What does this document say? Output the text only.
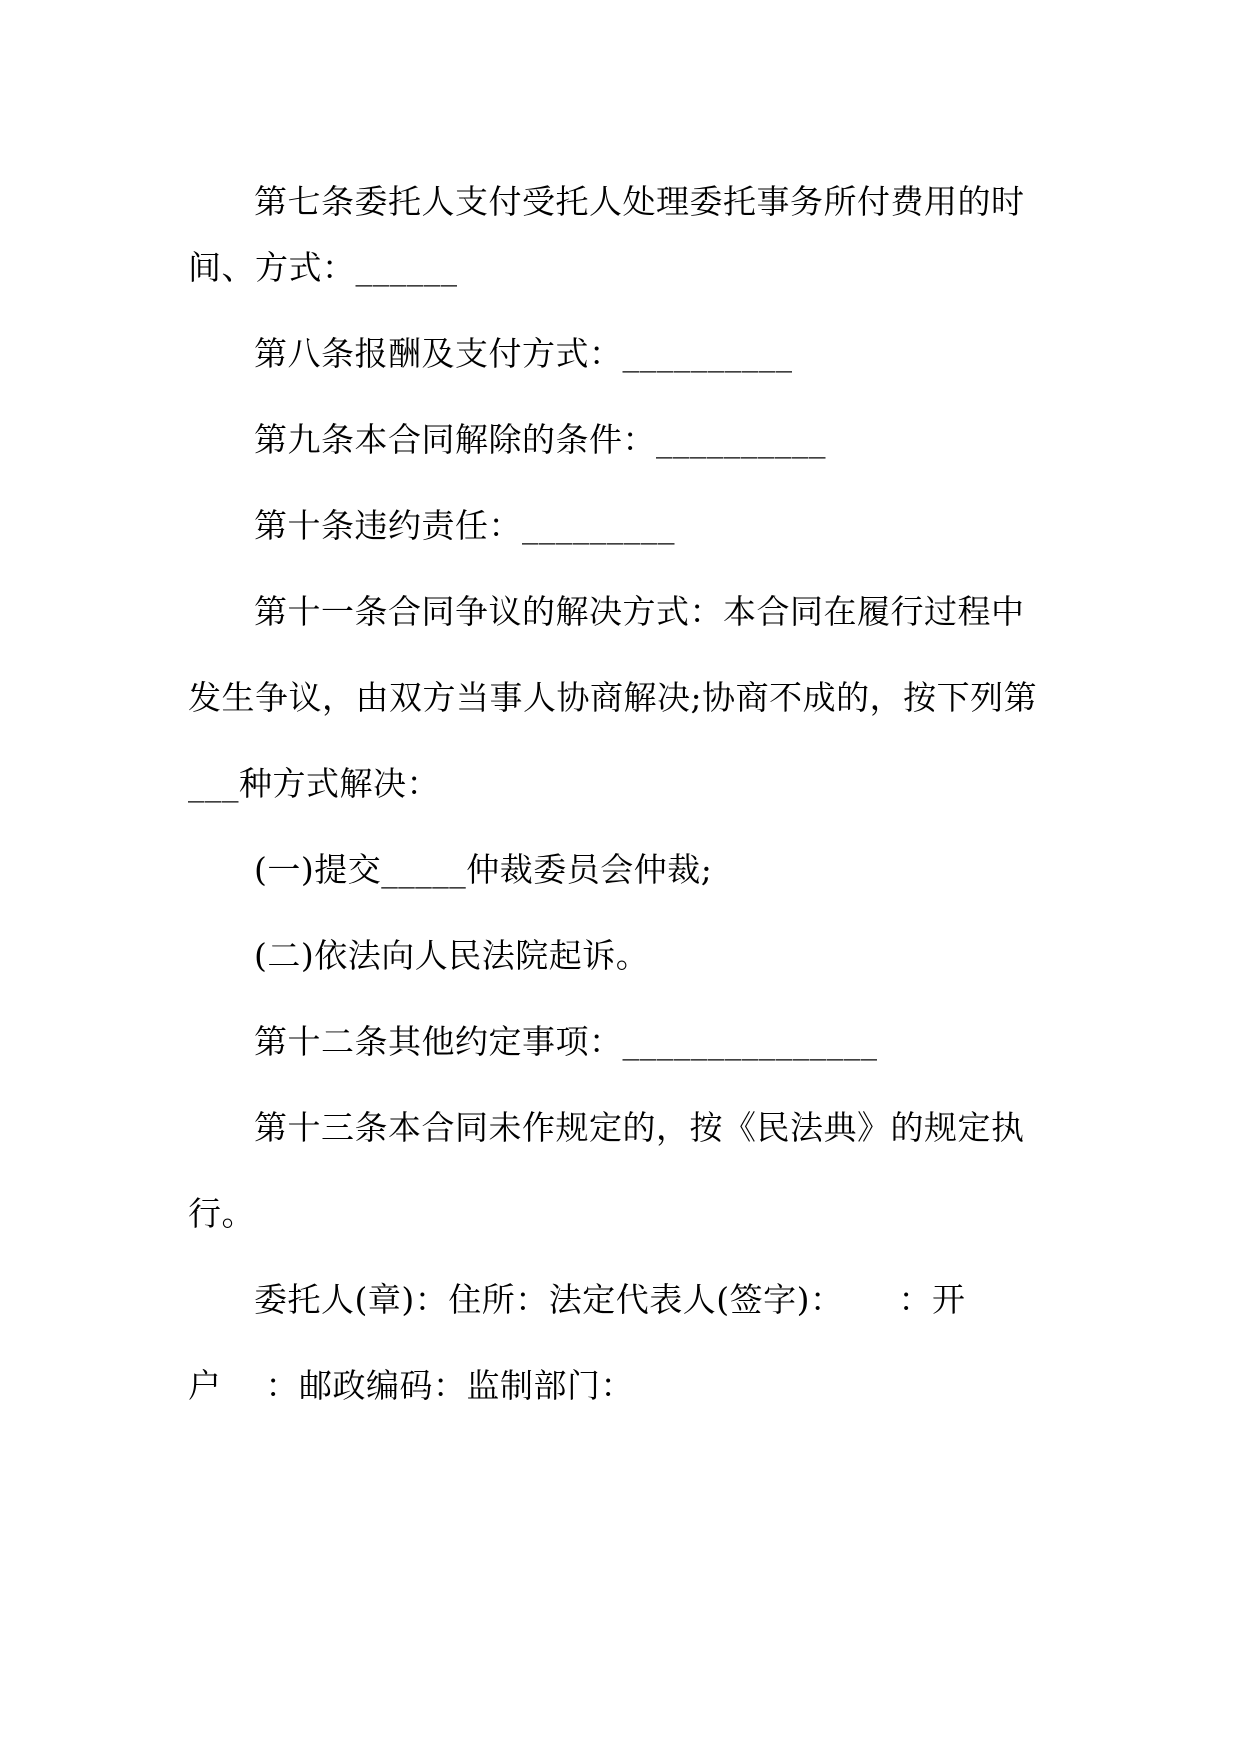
第七条委托人支付受托人处理委托事务所付费用的时
间、方式：______
第八条报酬及支付方式：__________
第九条本合同解除的条件：__________
第十条违约责任：_________
第十一条合同争议的解决方式：本合同在履行过程中
发生争议，由双方当事人协商解决;协商不成的，按下列第
___种方式解决：
(一)提交_____仲裁委员会仲裁;
(二)依法向人民法院起诉。
第十二条其他约定事项：_______________
第十三条本合同未作规定的，按《民法典》的规定执
行。
委托人(章)：住所：法定代表人(签字)：     ：开
户    ：邮政编码：监制部门：
